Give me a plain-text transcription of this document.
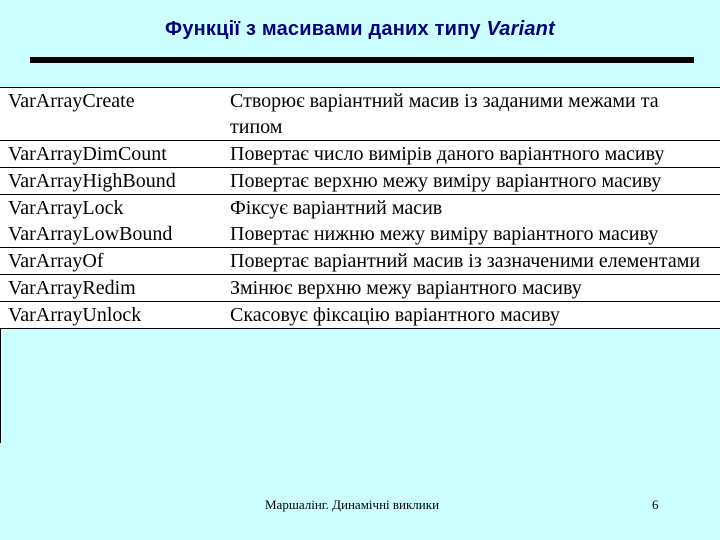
Функції з масивами даних типу Variant
VarArrayCreate	Створює варіантний масив із заданими межами та типом
VarArrayDimCount	Повертає число вимірів даного варіантного масиву
VarArrayHighBound	Повертає верхню межу виміру варіантного масиву
VarArrayLock	Фіксує варіантний масив
VarArrayLowBound	Повертає нижню межу виміру варіантного масиву
VarArrayOf	Повертає варіантний масив із зазначеними елементами
VarArrayRedim	Змінює верхню межу варіантного масиву
VarArrayUnlock	Скасовує фіксацію варіантного масиву
Маршалінг. Динамічні виклики	6
